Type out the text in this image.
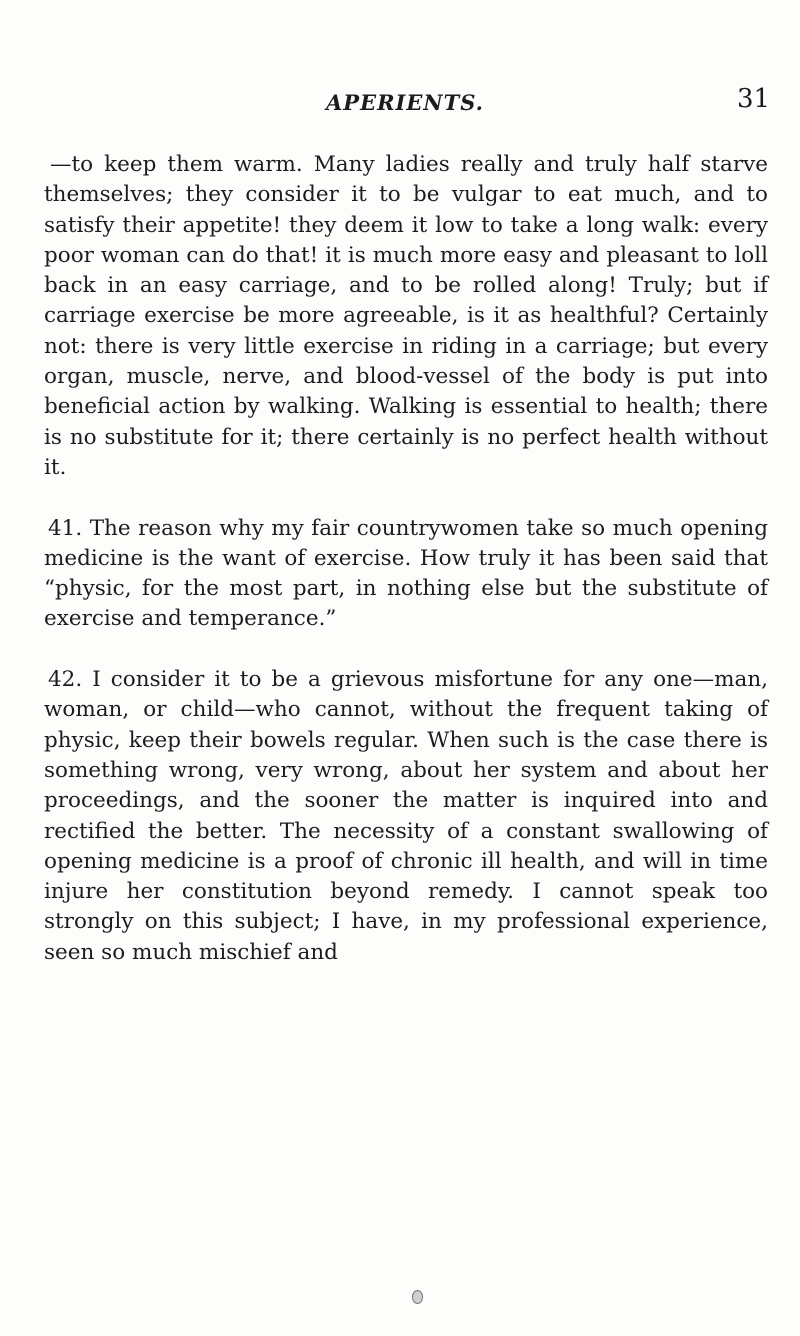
APERIENTS.	31

—to keep them warm. Many ladies really and truly half starve themselves; they consider it to be vulgar to eat much, and to satisfy their appetite! they deem it low to take a long walk: every poor woman can do that! it is much more easy and pleasant to loll back in an easy carriage, and to be rolled along! Truly; but if carriage exercise be more agreeable, is it as healthful? Certainly not: there is very little exercise in riding in a carriage; but every organ, muscle, nerve, and blood-vessel of the body is put into beneficial action by walking. Walking is essential to health; there is no substitute for it; there certainly is no perfect health without it.

41. The reason why my fair countrywomen take so much opening medicine is the want of exercise. How truly it has been said that “physic, for the most part, in nothing else but the substitute of exercise and temperance.”

42. I consider it to be a grievous misfortune for any one—man, woman, or child—who cannot, without the frequent taking of physic, keep their bowels regular. When such is the case there is something wrong, very wrong, about her system and about her proceedings, and the sooner the matter is inquired into and rectified the better. The necessity of a constant swallowing of opening medicine is a proof of chronic ill health, and will in time injure her constitution beyond remedy. I cannot speak too strongly on this subject; I have, in my professional experience, seen so much mischief and
